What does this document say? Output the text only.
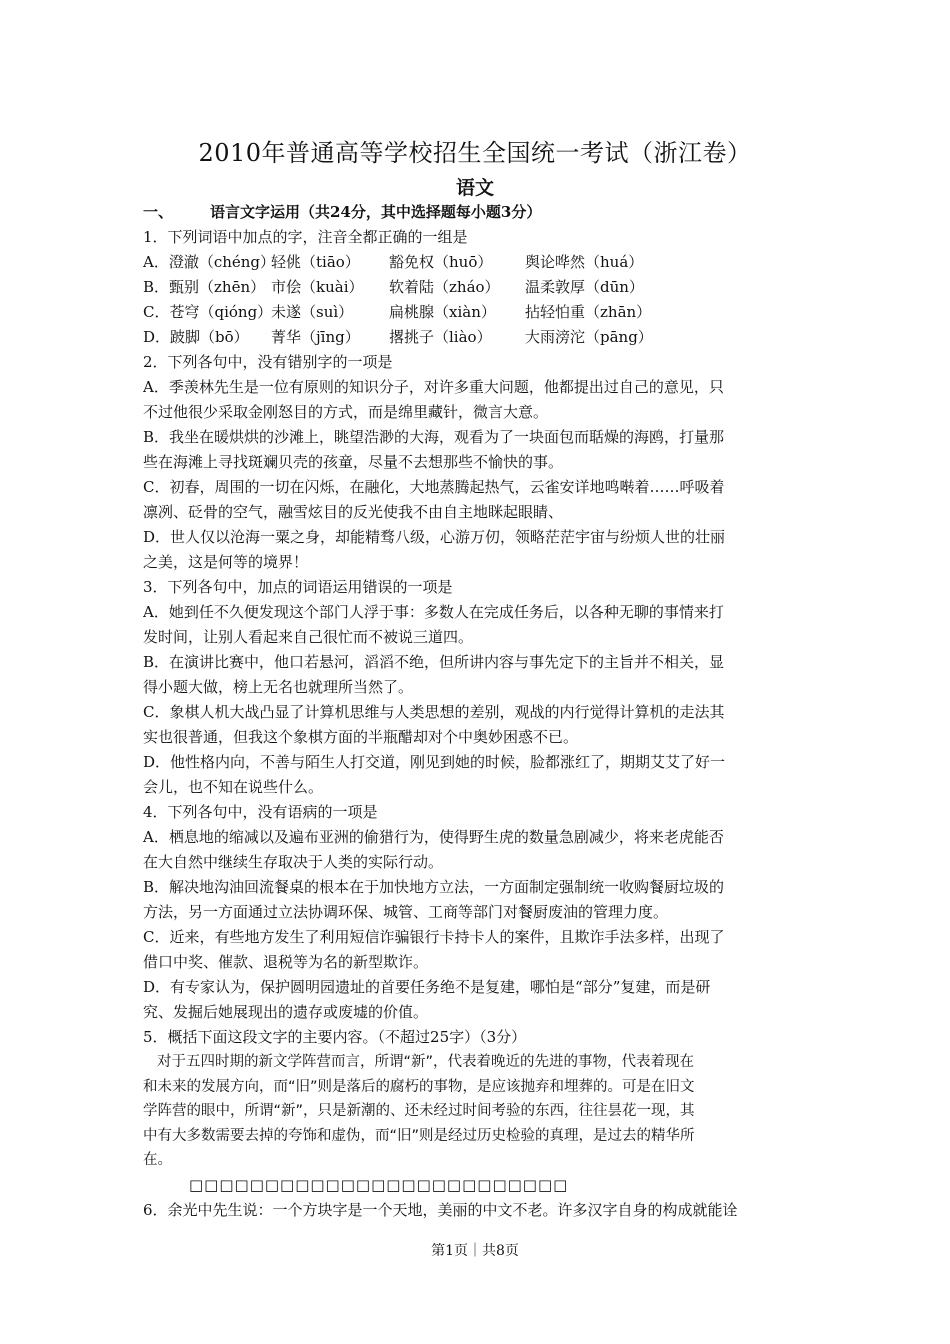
2010年普通高等学校招生全国统一考试（浙江卷）
语文
一、 语言文字运用（共24分，其中选择题每小题3分）
1．下列词语中加点的字，注音全都正确的一组是
A．澄澈（chéng）轻佻（tiāo） 豁免权（huō） 舆论哗然（huá）
B．甄别（zhēn） 市侩（kuài） 软着陆（zháo） 温柔敦厚（dūn）
C．苍穹（qióng）未遂（suì） 扁桃腺（xiàn） 拈轻怕重（zhān）
D．跛脚（bō） 菁华（jīng） 撂挑子（liào） 大雨滂沱（pāng）
2．下列各句中，没有错别字的一项是
A．季羡林先生是一位有原则的知识分子，对许多重大问题，他都提出过自己的意见，只
不过他很少采取金刚怒目的方式，而是绵里藏针，微言大意。
B．我坐在暖烘烘的沙滩上，眺望浩渺的大海，观看为了一块面包而聒燥的海鸥，打量那
些在海滩上寻找斑斓贝壳的孩童，尽量不去想那些不愉快的事。
C．初春，周围的一切在闪烁，在融化，大地蒸腾起热气，云雀安详地鸣啭着……呼吸着
凛冽、砭骨的空气，融雪炫目的反光使我不由自主地眯起眼睛、
D．世人仅以沧海一粟之身，却能精骛八级，心游万仞，领略茫茫宇宙与纷烦人世的壮丽
之美，这是何等的境界！
3．下列各句中，加点的词语运用错误的一项是
A．她到任不久便发现这个部门人浮于事：多数人在完成任务后，以各种无聊的事情来打
发时间，让别人看起来自己很忙而不被说三道四。
B．在演讲比赛中，他口若悬河，滔滔不绝，但所讲内容与事先定下的主旨并不相关，显
得小题大做，榜上无名也就理所当然了。
C．象棋人机大战凸显了计算机思维与人类思想的差别，观战的内行觉得计算机的走法其
实也很普通，但我这个象棋方面的半瓶醋却对个中奥妙困惑不已。
D．他性格内向，不善与陌生人打交道，刚见到她的时候，脸都涨红了，期期艾艾了好一
会儿，也不知在说些什么。
4．下列各句中，没有语病的一项是
A．栖息地的缩减以及遍布亚洲的偷猎行为，使得野生虎的数量急剧减少，将来老虎能否
在大自然中继续生存取决于人类的实际行动。
B．解决地沟油回流餐桌的根本在于加快地方立法，一方面制定强制统一收购餐厨垃圾的
方法，另一方面通过立法协调环保、城管、工商等部门对餐厨废油的管理力度。
C．近来，有些地方发生了利用短信诈骗银行卡持卡人的案件，且欺诈手法多样，出现了
借口中奖、催款、退税等为名的新型欺诈。
D．有专家认为，保护圆明园遗址的首要任务绝不是复建，哪怕是“部分”复建，而是研
究、发掘后她展现出的遗存或废墟的价值。
5．概括下面这段文字的主要内容。（不超过25字）（3分）
对于五四时期的新文学阵营而言，所谓“新”，代表着晚近的先进的事物，代表着现在
和未来的发展方向，而“旧”则是落后的腐朽的事物，是应该抛弃和埋葬的。可是在旧文
学阵营的眼中，所谓“新”，只是新潮的、还未经过时间考验的东西，往往昙花一现，其
中有大多数需要去掉的夸饰和虚伪，而“旧”则是经过历史检验的真理，是过去的精华所
在。
□□□□□□□□□□□□□□□□□□□□□□□□□
6．余光中先生说：一个方块字是一个天地，美丽的中文不老。许多汉字自身的构成就能诠
第1页｜共8页
